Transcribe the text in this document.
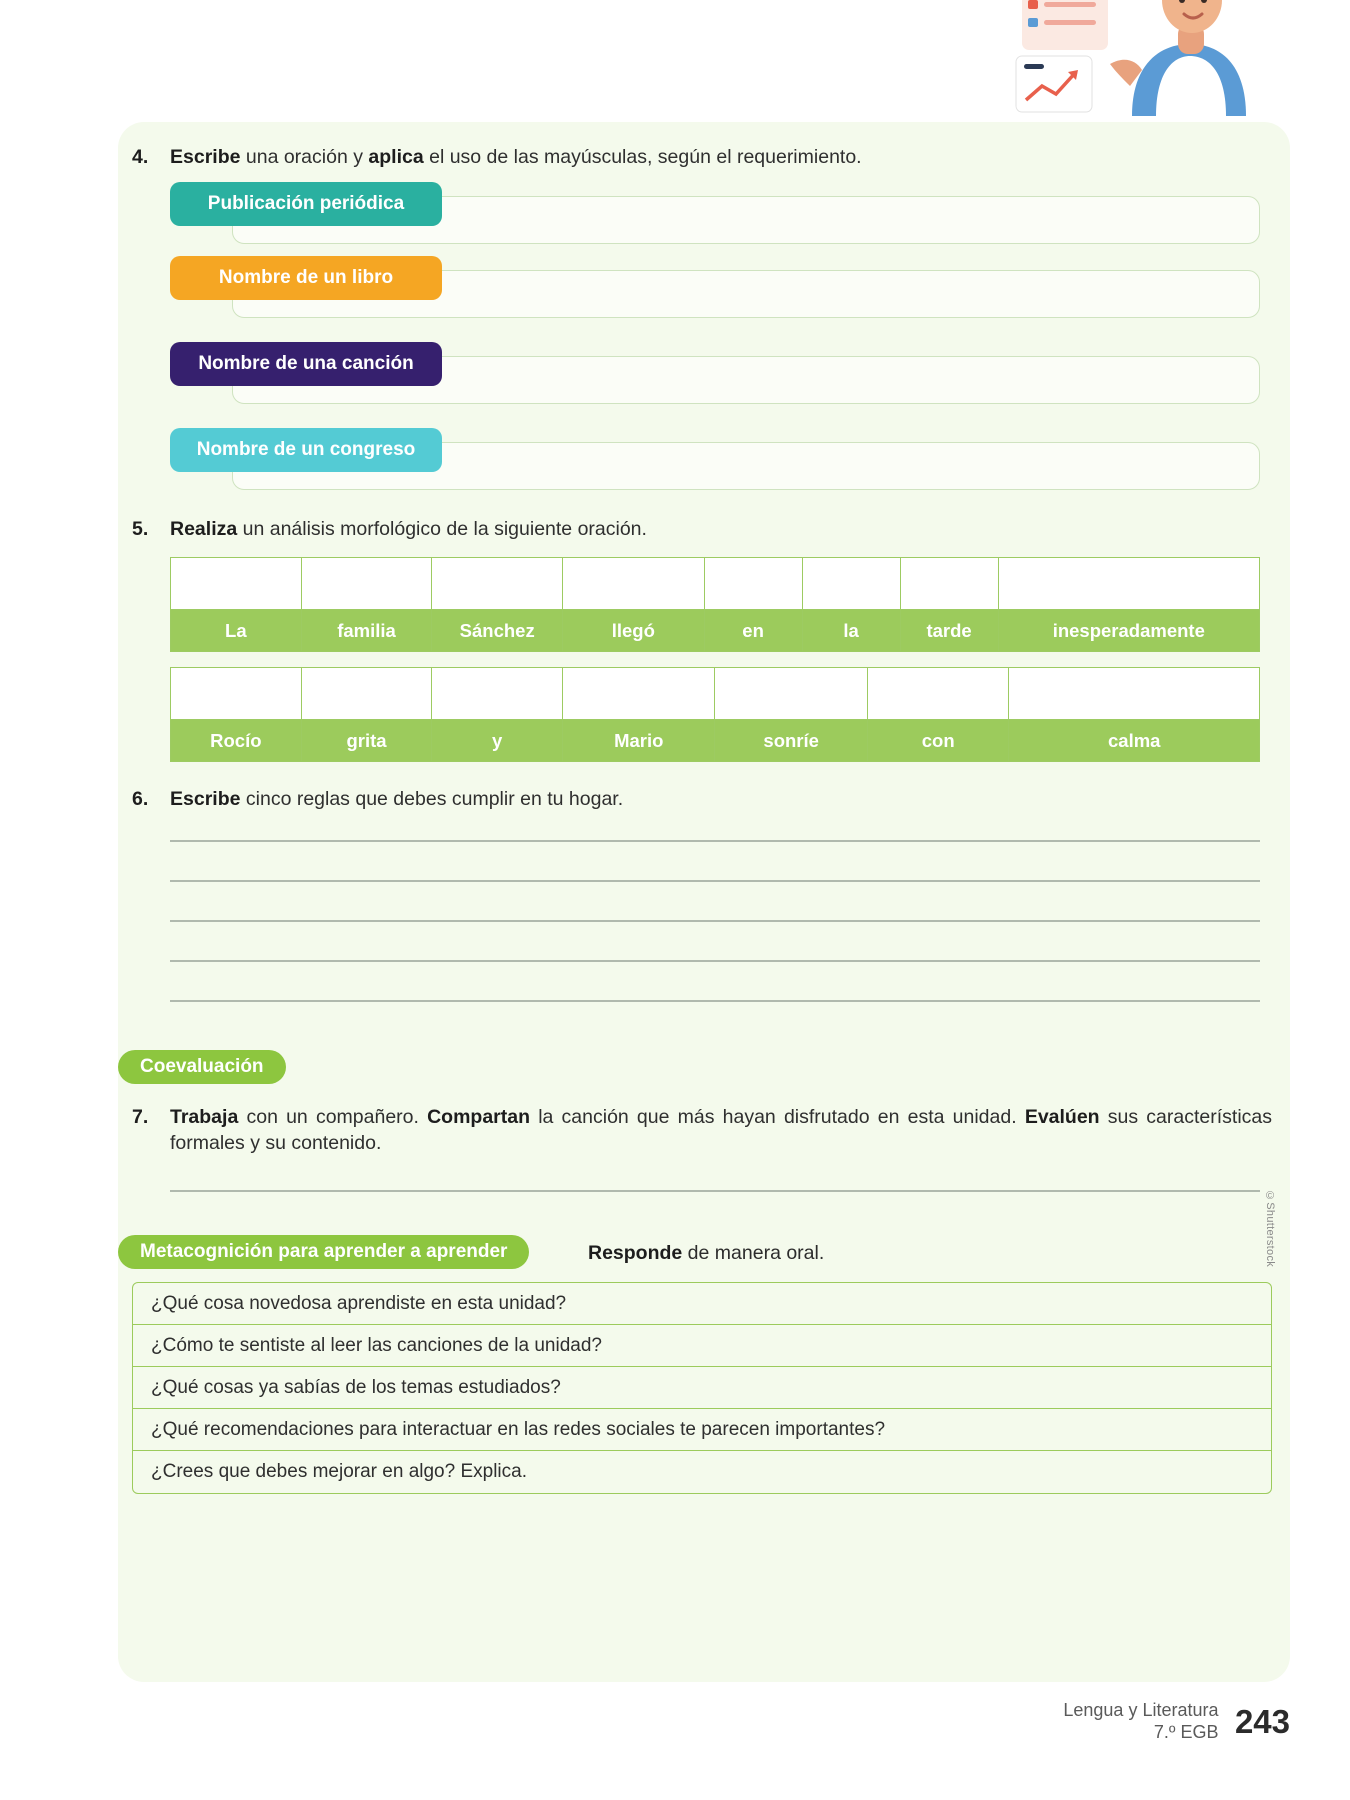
4.	Escribe una oración y aplica el uso de las mayúsculas, según el requerimiento.
Publicación periódica
Nombre de un libro
Nombre de una canción
Nombre de un congreso
5.	Realiza un análisis morfológico de la siguiente oración.

La	familia	Sánchez	llegó	en	la	tarde	inesperadamente

Rocío	grita	y	Mario	sonríe	con	calma
6.	Escribe cinco reglas que debes cumplir en tu hogar.
Coevaluación
7.	Trabaja con un compañero. Compartan la canción que más hayan disfrutado en esta unidad. Evalúen sus características formales y su contenido.
Metacognición para aprender a aprender	Responde de manera oral.
¿Qué cosa novedosa aprendiste en esta unidad?
¿Cómo te sentiste al leer las canciones de la unidad?
¿Qué cosas ya sabías de los temas estudiados?
¿Qué recomendaciones para interactuar en las redes sociales te parecen importantes?
¿Crees que debes mejorar en algo? Explica.
©Shutterstock
Lengua y Literatura
7.º EGB 243
